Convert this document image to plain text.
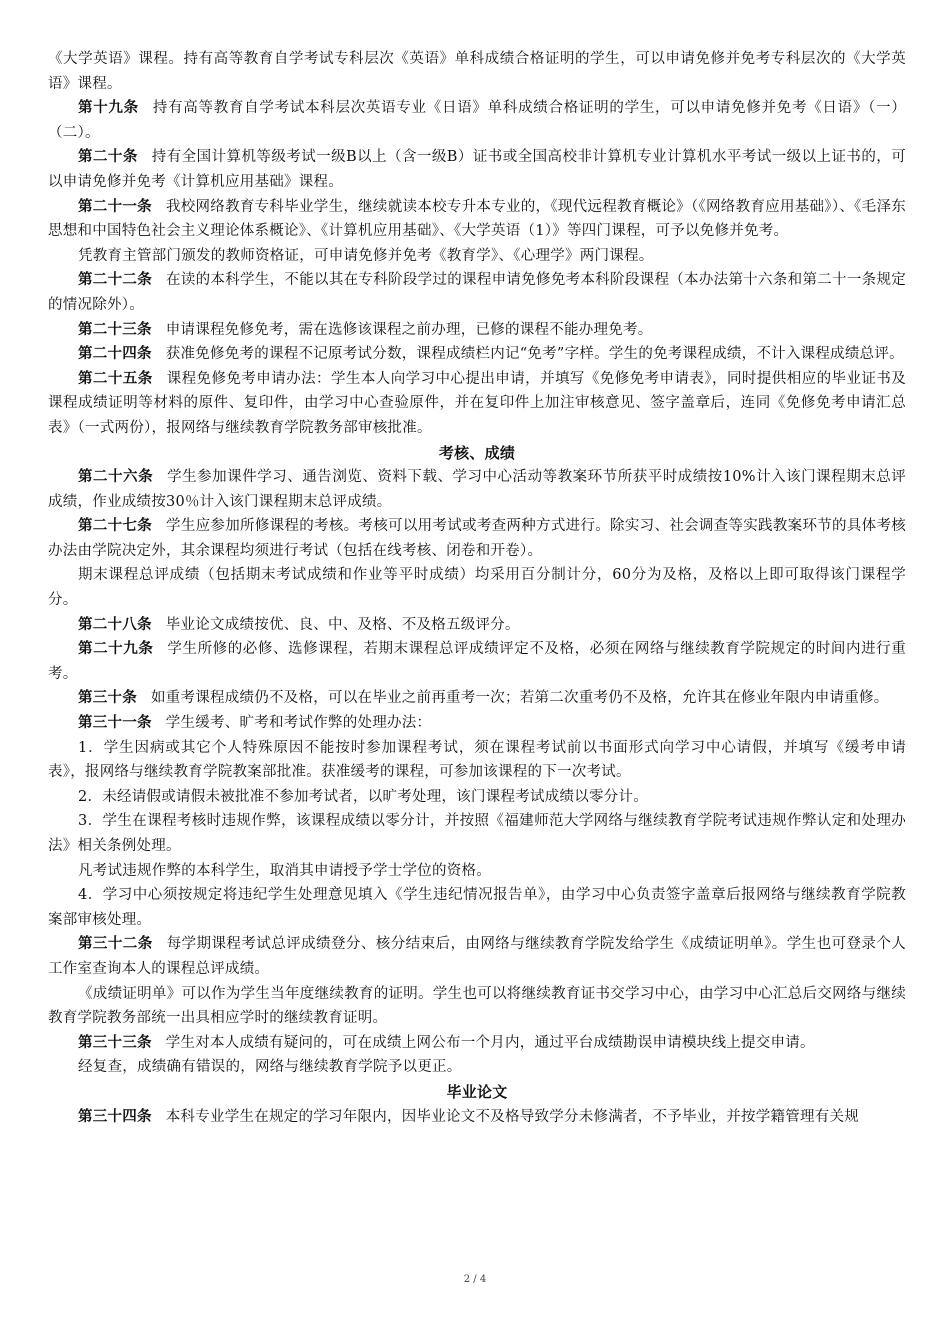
《大学英语》课程。持有高等教育自学考试专科层次《英语》单科成绩合格证明的学生，可以申请免修并免考专科层次的《大学英语》课程。

第十九条 持有高等教育自学考试本科层次英语专业《日语》单科成绩合格证明的学生，可以申请免修并免考《日语》（一）（二）。

第二十条 持有全国计算机等级考试一级B以上（含一级B）证书或全国高校非计算机专业计算机水平考试一级以上证书的，可以申请免修并免考《计算机应用基础》课程。

第二十一条 我校网络教育专科毕业学生，继续就读本校专升本专业的，《现代远程教育概论》（《网络教育应用基础》）、《毛泽东思想和中国特色社会主义理论体系概论》、《计算机应用基础》、《大学英语（1）》等四门课程，可予以免修并免考。

凭教育主管部门颁发的教师资格证，可申请免修并免考《教育学》、《心理学》两门课程。

第二十二条 在读的本科学生，不能以其在专科阶段学过的课程申请免修免考本科阶段课程（本办法第十六条和第二十一条规定的情况除外）。

第二十三条 申请课程免修免考，需在选修该课程之前办理，已修的课程不能办理免考。

第二十四条 获准免修免考的课程不记原考试分数，课程成绩栏内记“免考”字样。学生的免考课程成绩，不计入课程成绩总评。

第二十五条 课程免修免考申请办法：学生本人向学习中心提出申请，并填写《免修免考申请表》，同时提供相应的毕业证书及课程成绩证明等材料的原件、复印件，由学习中心查验原件，并在复印件上加注审核意见、签字盖章后，连同《免修免考申请汇总表》（一式两份），报网络与继续教育学院教务部审核批准。

考核、成绩

第二十六条 学生参加课件学习、通告浏览、资料下载、学习中心活动等教案环节所获平时成绩按10%计入该门课程期末总评成绩，作业成绩按30％计入该门课程期末总评成绩。

第二十七条 学生应参加所修课程的考核。考核可以用考试或考查两种方式进行。除实习、社会调查等实践教案环节的具体考核办法由学院决定外，其余课程均须进行考试（包括在线考核、闭卷和开卷）。

期末课程总评成绩（包括期末考试成绩和作业等平时成绩）均采用百分制计分，60分为及格，及格以上即可取得该门课程学分。

第二十八条 毕业论文成绩按优、良、中、及格、不及格五级评分。

第二十九条 学生所修的必修、选修课程，若期末课程总评成绩评定不及格，必须在网络与继续教育学院规定的时间内进行重考。

第三十条 如重考课程成绩仍不及格，可以在毕业之前再重考一次；若第二次重考仍不及格，允许其在修业年限内申请重修。

第三十一条 学生缓考、旷考和考试作弊的处理办法：

1．学生因病或其它个人特殊原因不能按时参加课程考试，须在课程考试前以书面形式向学习中心请假，并填写《缓考申请表》，报网络与继续教育学院教案部批准。获准缓考的课程，可参加该课程的下一次考试。

2．未经请假或请假未被批准不参加考试者，以旷考处理，该门课程考试成绩以零分计。

3．学生在课程考核时违规作弊，该课程成绩以零分计，并按照《福建师范大学网络与继续教育学院考试违规作弊认定和处理办法》相关条例处理。

凡考试违规作弊的本科学生，取消其申请授予学士学位的资格。

4．学习中心须按规定将违纪学生处理意见填入《学生违纪情况报告单》，由学习中心负责签字盖章后报网络与继续教育学院教案部审核处理。

第三十二条 每学期课程考试总评成绩登分、核分结束后，由网络与继续教育学院发给学生《成绩证明单》。学生也可登录个人工作室查询本人的课程总评成绩。

《成绩证明单》可以作为学生当年度继续教育的证明。学生也可以将继续教育证书交学习中心，由学习中心汇总后交网络与继续教育学院教务部统一出具相应学时的继续教育证明。

第三十三条 学生对本人成绩有疑问的，可在成绩上网公布一个月内，通过平台成绩勘误申请模块线上提交申请。

经复查，成绩确有错误的，网络与继续教育学院予以更正。

毕业论文

第三十四条 本科专业学生在规定的学习年限内，因毕业论文不及格导致学分未修满者，不予毕业，并按学籍管理有关规

2 / 4
